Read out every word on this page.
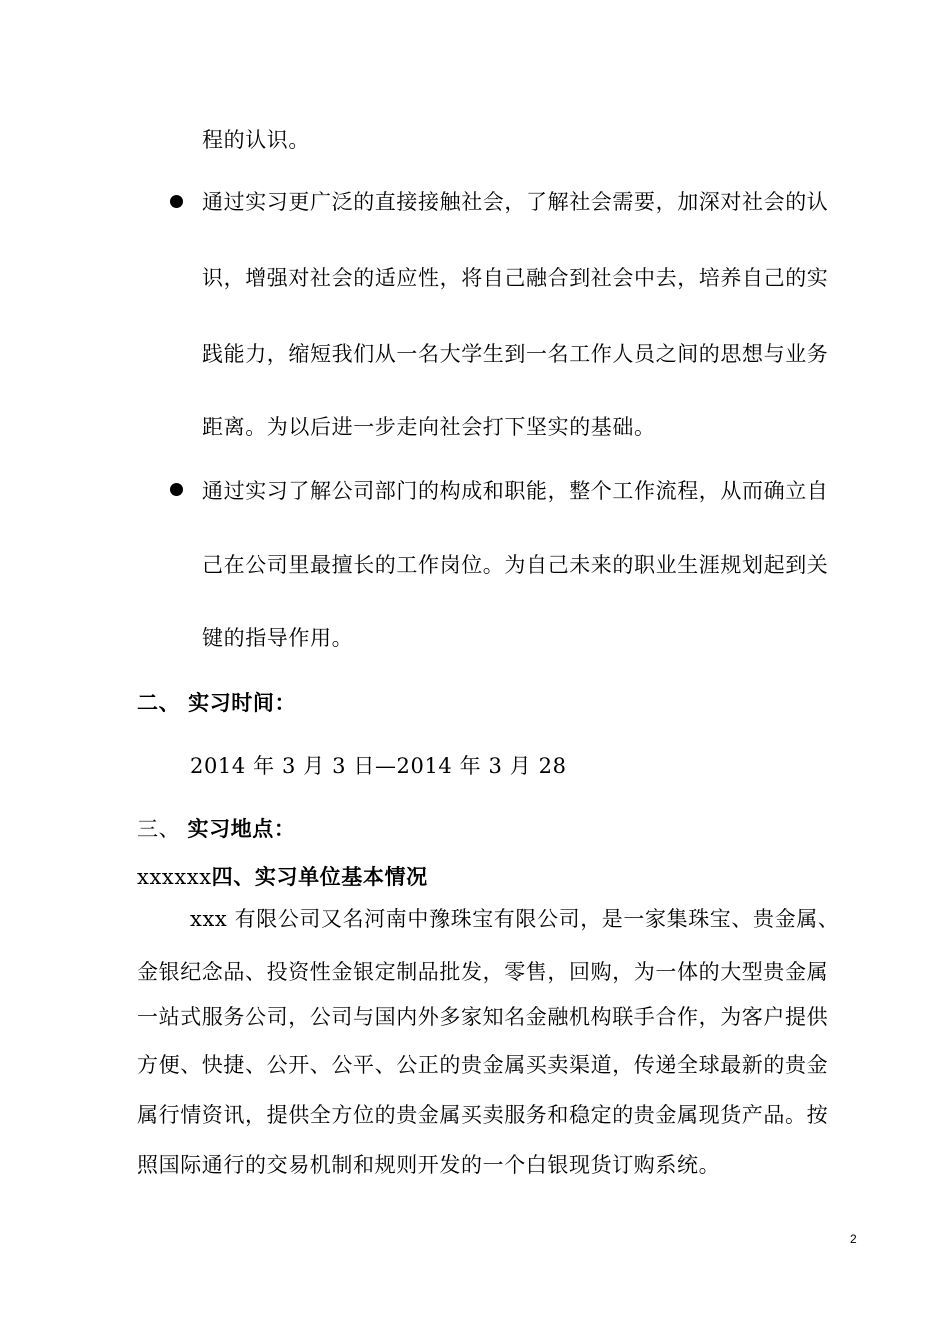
程的认识。
通过实习更广泛的直接接触社会，了解社会需要，加深对社会的认
识，增强对社会的适应性，将自己融合到社会中去，培养自己的实
践能力，缩短我们从一名大学生到一名工作人员之间的思想与业务
距离。为以后进一步走向社会打下坚实的基础。
通过实习了解公司部门的构成和职能，整个工作流程，从而确立自
己在公司里最擅长的工作岗位。为自己未来的职业生涯规划起到关
键的指导作用。
二、 实习时间：
2014 年 3 月 3 日—2014 年 3 月 28
三、 实习地点：
xxxxxx四、实习单位基本情况
xxx 有限公司又名河南中豫珠宝有限公司，是一家集珠宝、贵金属、
金银纪念品、投资性金银定制品批发，零售，回购，为一体的大型贵金属
一站式服务公司，公司与国内外多家知名金融机构联手合作，为客户提供
方便、快捷、公开、公平、公正的贵金属买卖渠道，传递全球最新的贵金
属行情资讯，提供全方位的贵金属买卖服务和稳定的贵金属现货产品。按
照国际通行的交易机制和规则开发的一个白银现货订购系统。
2
